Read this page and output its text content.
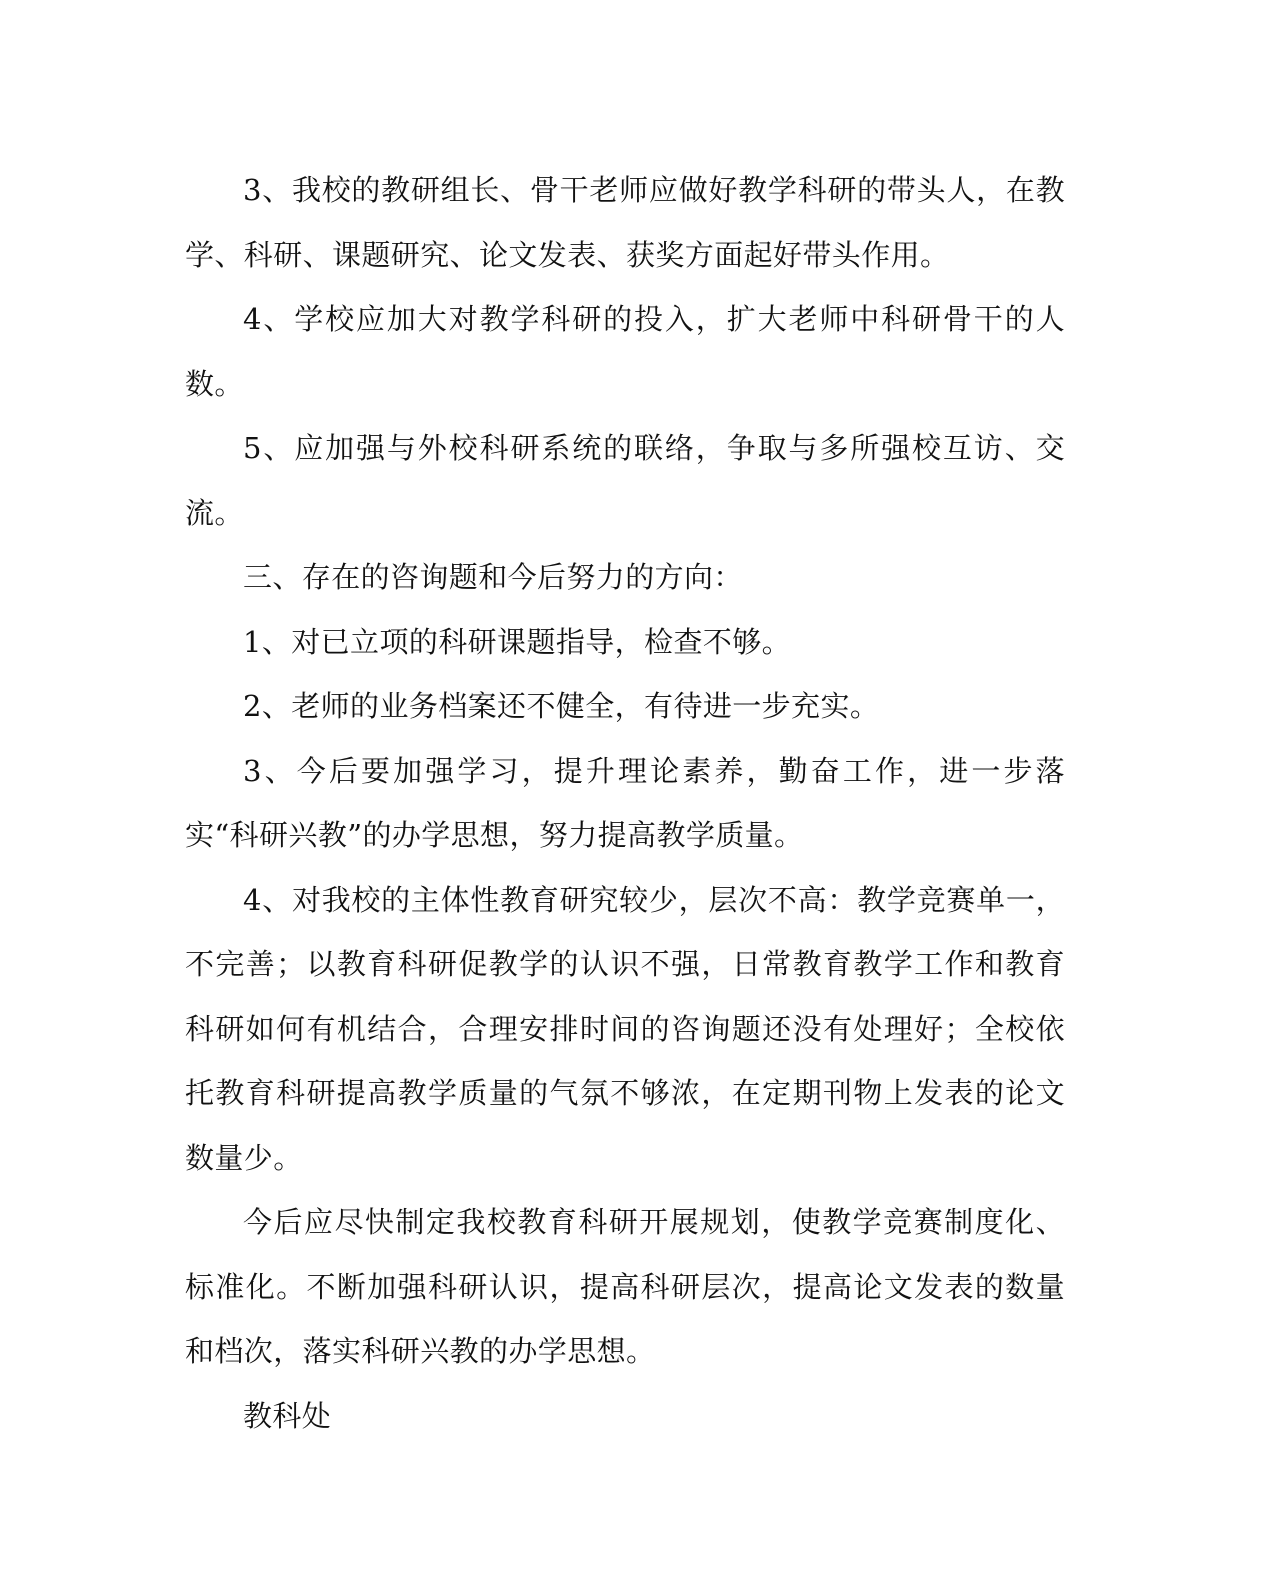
3、我校的教研组长、骨干老师应做好教学科研的带头人，在教学、科研、课题研究、论文发表、获奖方面起好带头作用。

4、学校应加大对教学科研的投入，扩大老师中科研骨干的人数。

5、应加强与外校科研系统的联络，争取与多所强校互访、交流。

三、存在的咨询题和今后努力的方向：

1、对已立项的科研课题指导，检查不够。

2、老师的业务档案还不健全，有待进一步充实。

3、今后要加强学习，提升理论素养，勤奋工作，进一步落实“科研兴教”的办学思想，努力提高教学质量。

4、对我校的主体性教育研究较少，层次不高：教学竞赛单一，不完善；以教育科研促教学的认识不强，日常教育教学工作和教育科研如何有机结合，合理安排时间的咨询题还没有处理好；全校依托教育科研提高教学质量的气氛不够浓，在定期刊物上发表的论文数量少。

今后应尽快制定我校教育科研开展规划，使教学竞赛制度化、标准化。不断加强科研认识，提高科研层次，提高论文发表的数量和档次，落实科研兴教的办学思想。

教科处
